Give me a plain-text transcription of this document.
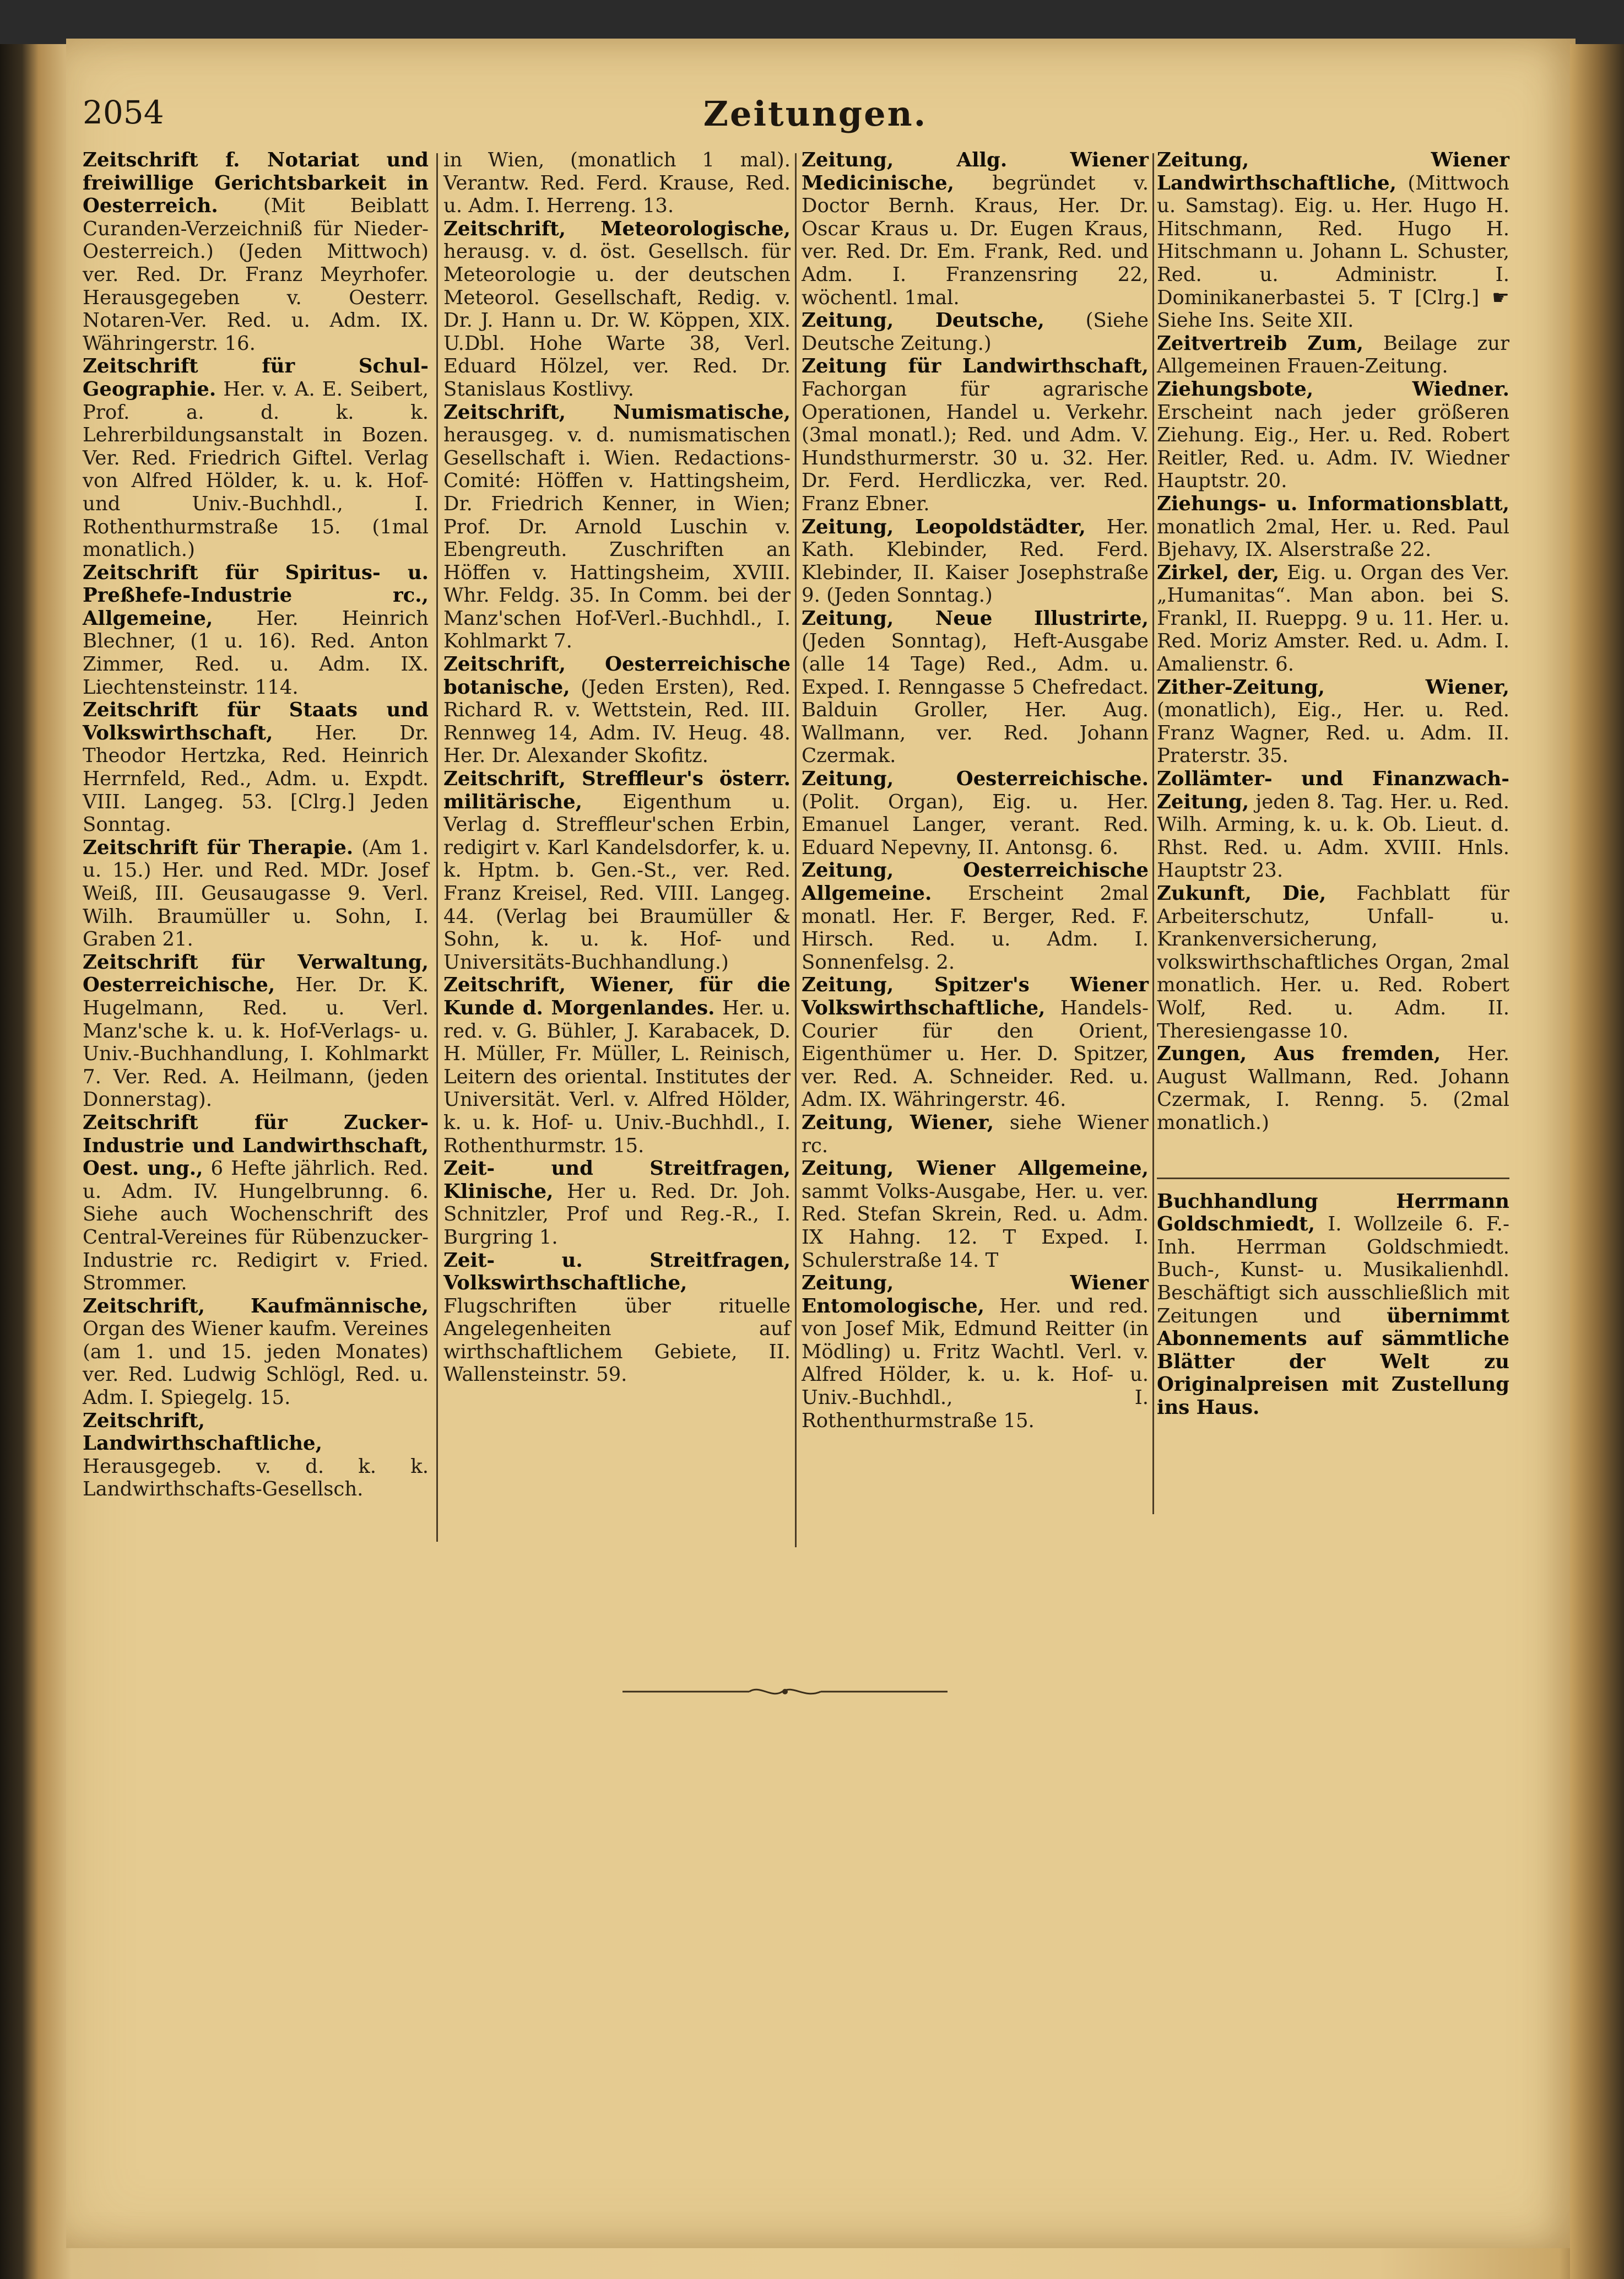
2054	Zeitungen.
Zeitschrift f. Notariat und freiwillige Gerichtsbarkeit in Oesterreich. (Mit Beiblatt Curanden-Verzeichniß für Nieder-Oesterreich.) (Jeden Mittwoch) ver. Red. Dr. Franz Meyrhofer. Herausgegeben v. Oesterr. Notaren-Ver. Red. u. Adm. IX. Währingerstr. 16.
Zeitschrift für Schul-Geographie. Her. v. A. E. Seibert, Prof. a. d. k. k. Lehrerbildungsanstalt in Bozen. Ver. Red. Friedrich Giftel. Verlag von Alfred Hölder, k. u. k. Hof- und Univ.-Buchhdl., I. Rothenthurmstraße 15. (1mal monatlich.)
Zeitschrift für Spiritus- u. Preßhefe-Industrie rc., Allgemeine, Her. Heinrich Blechner, (1 u. 16). Red. Anton Zimmer, Red. u. Adm. IX. Liechtensteinstr. 114.
Zeitschrift für Staats und Volkswirthschaft, Her. Dr. Theodor Hertzka, Red. Heinrich Herrnfeld, Red., Adm. u. Expdt. VIII. Langeg. 53. [Clrg.] Jeden Sonntag.
Zeitschrift für Therapie. (Am 1. u. 15.) Her. und Red. MDr. Josef Weiß, III. Geusaugasse 9. Verl. Wilh. Braumüller u. Sohn, I. Graben 21.
Zeitschrift für Verwaltung, Oesterreichische, Her. Dr. K. Hugelmann, Red. u. Verl. Manz'sche k. u. k. Hof-Verlags- u. Univ.-Buchhandlung, I. Kohlmarkt 7. Ver. Red. A. Heilmann, (jeden Donnerstag).
Zeitschrift für Zucker-Industrie und Landwirthschaft, Oest. ung., 6 Hefte jährlich. Red. u. Adm. IV. Hungelbrunng. 6. Siehe auch Wochenschrift des Central-Vereines für Rübenzucker-Industrie rc. Redigirt v. Fried. Strommer.
Zeitschrift, Kaufmännische, Organ des Wiener kaufm. Vereines (am 1. und 15. jeden Monates) ver. Red. Ludwig Schlögl, Red. u. Adm. I. Spiegelg. 15.
Zeitschrift, Landwirthschaftliche, Herausgegeb. v. d. k. k. Landwirthschafts-Gesellsch.
in Wien, (monatlich 1 mal). Verantw. Red. Ferd. Krause, Red. u. Adm. I. Herreng. 13.
Zeitschrift, Meteorologische, herausg. v. d. öst. Gesellsch. für Meteorologie u. der deutschen Meteorol. Gesellschaft, Redig. v. Dr. J. Hann u. Dr. W. Köppen, XIX. U.Dbl. Hohe Warte 38, Verl. Eduard Hölzel, ver. Red. Dr. Stanislaus Kostlivy.
Zeitschrift, Numismatische, herausgeg. v. d. numismatischen Gesellschaft i. Wien. Redactions-Comité: Höffen v. Hattingsheim, Dr. Friedrich Kenner, in Wien; Prof. Dr. Arnold Luschin v. Ebengreuth. Zuschriften an Höffen v. Hattingsheim, XVIII. Whr. Feldg. 35. In Comm. bei der Manz'schen Hof-Verl.-Buchhdl., I. Kohlmarkt 7.
Zeitschrift, Oesterreichische botanische, (Jeden Ersten), Red. Richard R. v. Wettstein, Red. III. Rennweg 14, Adm. IV. Heug. 48. Her. Dr. Alexander Skofitz.
Zeitschrift, Streffleur's österr. militärische, Eigenthum u. Verlag d. Streffleur'schen Erbin, redigirt v. Karl Kandelsdorfer, k. u. k. Hptm. b. Gen.-St., ver. Red. Franz Kreisel, Red. VIII. Langeg. 44. (Verlag bei Braumüller & Sohn, k. u. k. Hof- und Universitäts-Buchhandlung.)
Zeitschrift, Wiener, für die Kunde d. Morgenlandes. Her. u. red. v. G. Bühler, J. Karabacek, D. H. Müller, Fr. Müller, L. Reinisch, Leitern des oriental. Institutes der Universität. Verl. v. Alfred Hölder, k. u. k. Hof- u. Univ.-Buchhdl., I. Rothenthurmstr. 15.
Zeit- und Streitfragen, Klinische, Her u. Red. Dr. Joh. Schnitzler, Prof und Reg.-R., I. Burgring 1.
Zeit- u. Streitfragen, Volkswirthschaftliche, Flugschriften über rituelle Angelegenheiten auf wirthschaftlichem Gebiete, II. Wallensteinstr. 59.
Zeitung, Allg. Wiener Medicinische, begründet v. Doctor Bernh. Kraus, Her. Dr. Oscar Kraus u. Dr. Eugen Kraus, ver. Red. Dr. Em. Frank, Red. und Adm. I. Franzensring 22, wöchentl. 1mal.
Zeitung, Deutsche, (Siehe Deutsche Zeitung.)
Zeitung für Landwirthschaft, Fachorgan für agrarische Operationen, Handel u. Verkehr. (3mal monatl.); Red. und Adm. V. Hundsthurmerstr. 30 u. 32. Her. Dr. Ferd. Herdliczka, ver. Red. Franz Ebner.
Zeitung, Leopoldstädter, Her. Kath. Klebinder, Red. Ferd. Klebinder, II. Kaiser Josephstraße 9. (Jeden Sonntag.)
Zeitung, Neue Illustrirte, (Jeden Sonntag), Heft-Ausgabe (alle 14 Tage) Red., Adm. u. Exped. I. Renngasse 5 Chefredact. Balduin Groller, Her. Aug. Wallmann, ver. Red. Johann Czermak.
Zeitung, Oesterreichische. (Polit. Organ), Eig. u. Her. Emanuel Langer, verant. Red. Eduard Nepevny, II. Antonsg. 6.
Zeitung, Oesterreichische Allgemeine. Erscheint 2mal monatl. Her. F. Berger, Red. F. Hirsch. Red. u. Adm. I. Sonnenfelsg. 2.
Zeitung, Spitzer's Wiener Volkswirthschaftliche, Handels-Courier für den Orient, Eigenthümer u. Her. D. Spitzer, ver. Red. A. Schneider. Red. u. Adm. IX. Währingerstr. 46.
Zeitung, Wiener, siehe Wiener rc.
Zeitung, Wiener Allgemeine, sammt Volks-Ausgabe, Her. u. ver. Red. Stefan Skrein, Red. u. Adm. IX Hahng. 12. T Exped. I. Schulerstraße 14. T
Zeitung, Wiener Entomologische, Her. und red. von Josef Mik, Edmund Reitter (in Mödling) u. Fritz Wachtl. Verl. v. Alfred Hölder, k. u. k. Hof- u. Univ.-Buchhdl., I. Rothenthurmstraße 15.
Zeitung, Wiener Landwirthschaftliche, (Mittwoch u. Samstag). Eig. u. Her. Hugo H. Hitschmann, Red. Hugo H. Hitschmann u. Johann L. Schuster, Red. u. Administr. I. Dominikanerbastei 5. T [Clrg.] ☛ Siehe Ins. Seite XII.
Zeitvertreib Zum, Beilage zur Allgemeinen Frauen-Zeitung.
Ziehungsbote, Wiedner. Erscheint nach jeder größeren Ziehung. Eig., Her. u. Red. Robert Reitler, Red. u. Adm. IV. Wiedner Hauptstr. 20.
Ziehungs- u. Informationsblatt, monatlich 2mal, Her. u. Red. Paul Bjehavy, IX. Alserstraße 22.
Zirkel, der, Eig. u. Organ des Ver. „Humanitas“. Man abon. bei S. Frankl, II. Rueppg. 9 u. 11. Her. u. Red. Moriz Amster. Red. u. Adm. I. Amalienstr. 6.
Zither-Zeitung, Wiener, (monatlich), Eig., Her. u. Red. Franz Wagner, Red. u. Adm. II. Praterstr. 35.
Zollämter- und Finanzwach-Zeitung, jeden 8. Tag. Her. u. Red. Wilh. Arming, k. u. k. Ob. Lieut. d. Rhst. Red. u. Adm. XVIII. Hnls. Hauptstr 23.
Zukunft, Die, Fachblatt für Arbeiterschutz, Unfall- u. Krankenversicherung, volkswirthschaftliches Organ, 2mal monatlich. Her. u. Red. Robert Wolf, Red. u. Adm. II. Theresiengasse 10.
Zungen, Aus fremden, Her. August Wallmann, Red. Johann Czermak, I. Renng. 5. (2mal monatlich.)
Buchhandlung Herrmann Goldschmiedt, I. Wollzeile 6. F.-Inh. Herrman Goldschmiedt. Buch-, Kunst- u. Musikalienhdl. Beschäftigt sich ausschließlich mit Zeitungen und übernimmt Abonnements auf sämmtliche Blätter der Welt zu Originalpreisen mit Zustellung ins Haus.
